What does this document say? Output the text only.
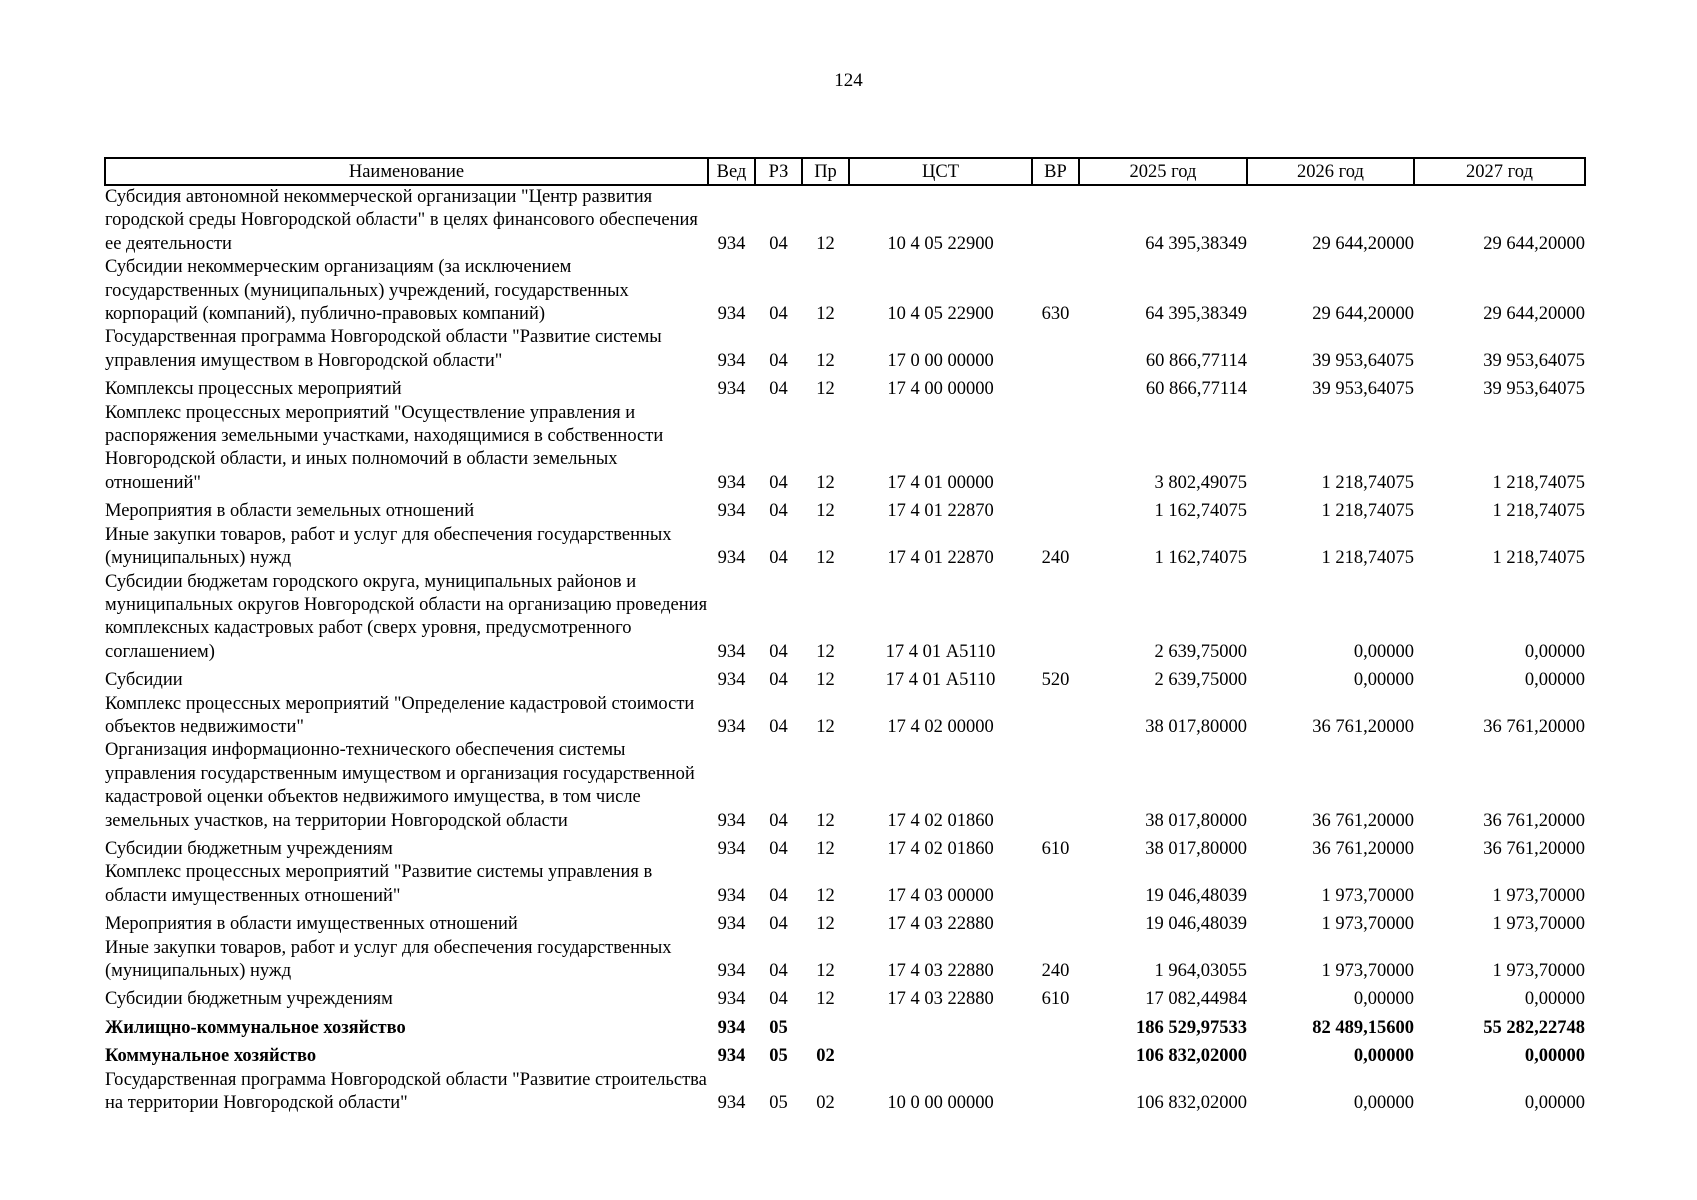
124
Наименование	Вед	РЗ	Пр	ЦСТ	ВР	2025 год	2026 год	2027 год
Субсидия автономной некоммерческой организации "Центр развития городской среды Новгородской области" в целях финансового обеспечения ее деятельности	934	04	12	10 4 05 22900		64 395,38349	29 644,20000	29 644,20000
Субсидии некоммерческим организациям (за исключением государственных (муниципальных) учреждений, государственных корпораций (компаний), публично-правовых компаний)	934	04	12	10 4 05 22900	630	64 395,38349	29 644,20000	29 644,20000
Государственная программа Новгородской области "Развитие системы управления имуществом в Новгородской области"	934	04	12	17 0 00 00000		60 866,77114	39 953,64075	39 953,64075
Комплексы процессных мероприятий	934	04	12	17 4 00 00000		60 866,77114	39 953,64075	39 953,64075
Комплекс процессных мероприятий "Осуществление управления и распоряжения земельными участками, находящимися в собственности Новгородской области, и иных полномочий в области земельных отношений"	934	04	12	17 4 01 00000		3 802,49075	1 218,74075	1 218,74075
Мероприятия в области земельных отношений	934	04	12	17 4 01 22870		1 162,74075	1 218,74075	1 218,74075
Иные закупки товаров, работ и услуг для обеспечения государственных (муниципальных) нужд	934	04	12	17 4 01 22870	240	1 162,74075	1 218,74075	1 218,74075
Субсидии бюджетам городского округа, муниципальных районов и муниципальных округов Новгородской области на организацию проведения комплексных кадастровых работ (сверх уровня, предусмотренного соглашением)	934	04	12	17 4 01 А5110		2 639,75000	0,00000	0,00000
Субсидии	934	04	12	17 4 01 А5110	520	2 639,75000	0,00000	0,00000
Комплекс процессных мероприятий "Определение кадастровой стоимости объектов недвижимости"	934	04	12	17 4 02 00000		38 017,80000	36 761,20000	36 761,20000
Организация информационно-технического обеспечения системы управления государственным имуществом и организация государственной кадастровой оценки объектов недвижимого имущества, в том числе земельных участков, на территории Новгородской области	934	04	12	17 4 02 01860		38 017,80000	36 761,20000	36 761,20000
Субсидии бюджетным учреждениям	934	04	12	17 4 02 01860	610	38 017,80000	36 761,20000	36 761,20000
Комплекс процессных мероприятий "Развитие системы управления в области имущественных отношений"	934	04	12	17 4 03 00000		19 046,48039	1 973,70000	1 973,70000
Мероприятия в области имущественных отношений	934	04	12	17 4 03 22880		19 046,48039	1 973,70000	1 973,70000
Иные закупки товаров, работ и услуг для обеспечения государственных (муниципальных) нужд	934	04	12	17 4 03 22880	240	1 964,03055	1 973,70000	1 973,70000
Субсидии бюджетным учреждениям	934	04	12	17 4 03 22880	610	17 082,44984	0,00000	0,00000
Жилищно-коммунальное хозяйство	934	05				186 529,97533	82 489,15600	55 282,22748
Коммунальное хозяйство	934	05	02			106 832,02000	0,00000	0,00000
Государственная программа Новгородской области "Развитие строительства на территории Новгородской области"	934	05	02	10 0 00 00000		106 832,02000	0,00000	0,00000
